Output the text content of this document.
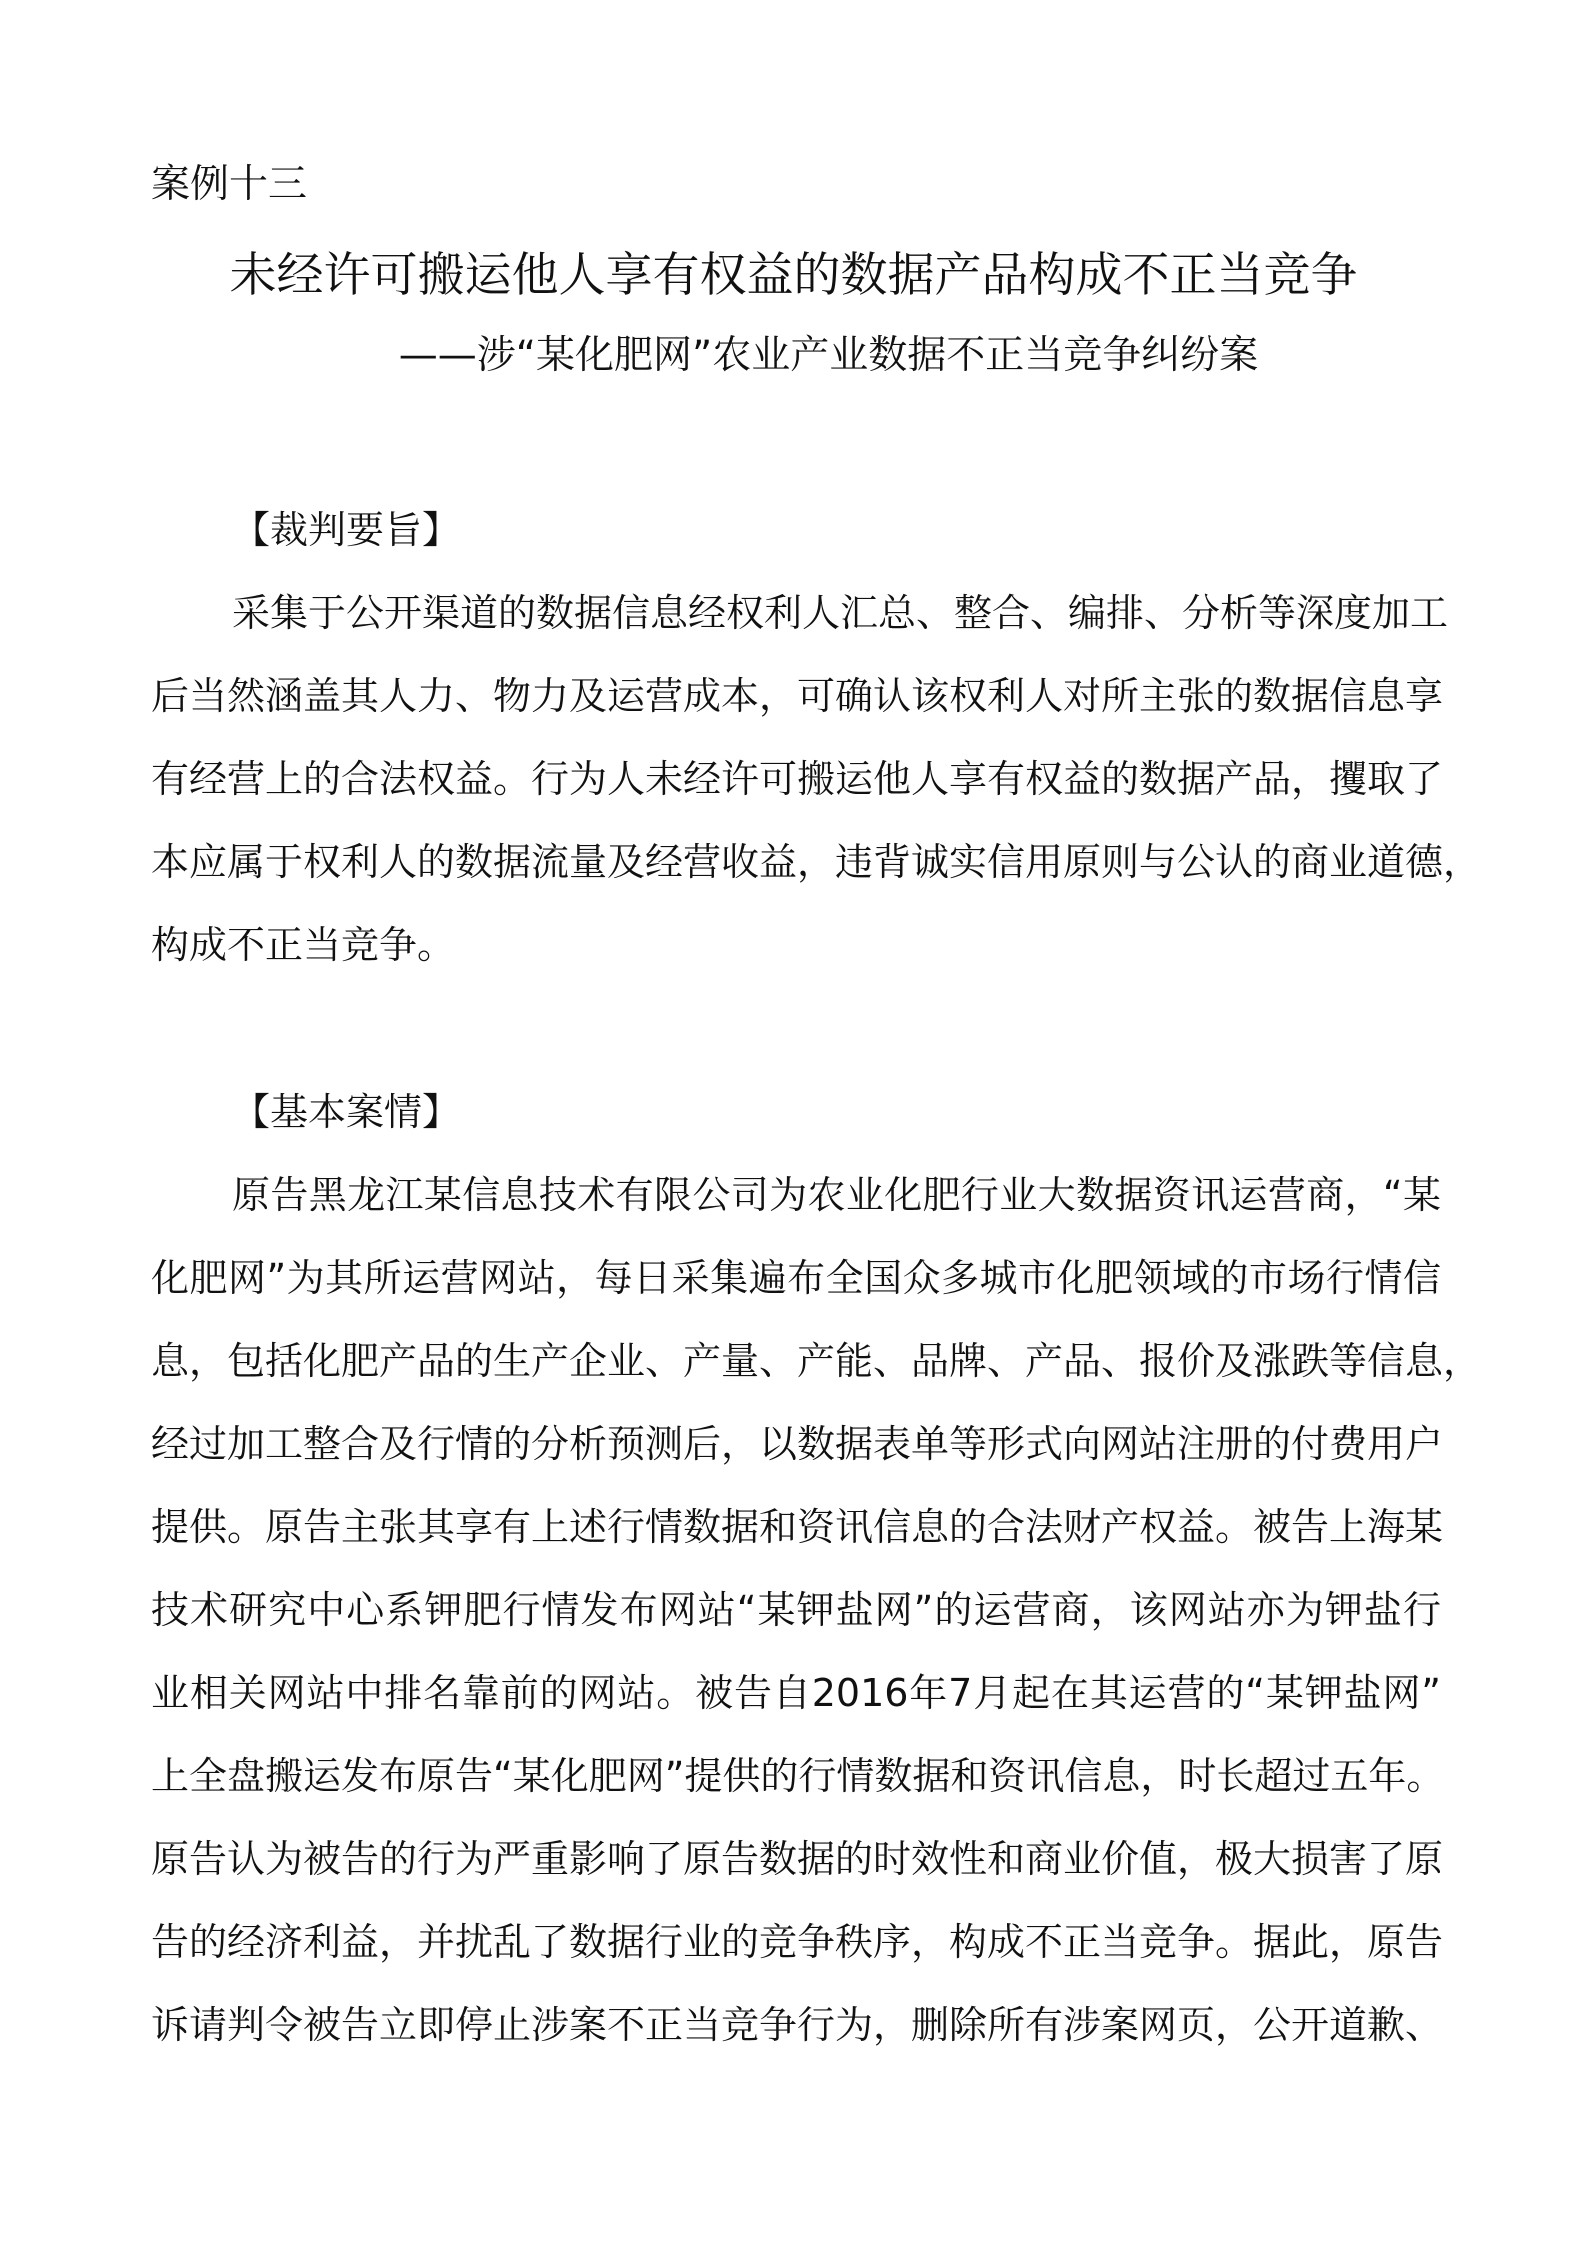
案例十三
未经许可搬运他人享有权益的数据产品构成不正当竞争
——涉“某化肥网”农业产业数据不正当竞争纠纷案
【裁判要旨】
采集于公开渠道的数据信息经权利人汇总、整合、编排、分析等深度加工
后当然涵盖其人力、物力及运营成本，可确认该权利人对所主张的数据信息享
有经营上的合法权益。行为人未经许可搬运他人享有权益的数据产品，攫取了
本应属于权利人的数据流量及经营收益，违背诚实信用原则与公认的商业道德，
构成不正当竞争。
【基本案情】
原告黑龙江某信息技术有限公司为农业化肥行业大数据资讯运营商，“某
化肥网”为其所运营网站，每日采集遍布全国众多城市化肥领域的市场行情信
息，包括化肥产品的生产企业、产量、产能、品牌、产品、报价及涨跌等信息，
经过加工整合及行情的分析预测后，以数据表单等形式向网站注册的付费用户
提供。原告主张其享有上述行情数据和资讯信息的合法财产权益。被告上海某
技术研究中心系钾肥行情发布网站“某钾盐网”的运营商，该网站亦为钾盐行
业相关网站中排名靠前的网站。被告自2016年7月起在其运营的“某钾盐网”
上全盘搬运发布原告“某化肥网”提供的行情数据和资讯信息，时长超过五年。
原告认为被告的行为严重影响了原告数据的时效性和商业价值，极大损害了原
告的经济利益，并扰乱了数据行业的竞争秩序，构成不正当竞争。据此，原告
诉请判令被告立即停止涉案不正当竞争行为，删除所有涉案网页，公开道歉、
